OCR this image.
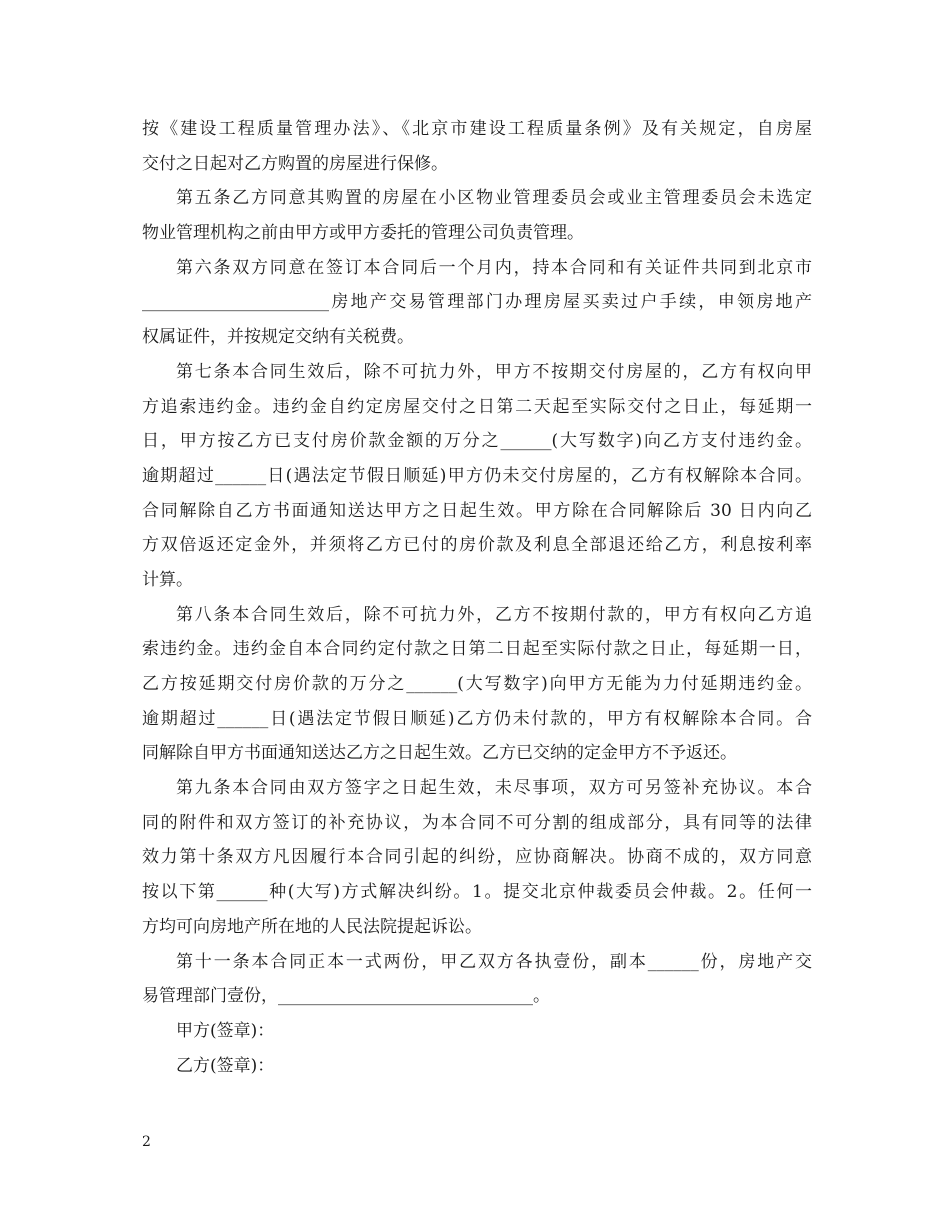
按《建设工程质量管理办法》、《北京市建设工程质量条例》及有关规定，自房屋
交付之日起对乙方购置的房屋进行保修。
第五条乙方同意其购置的房屋在小区物业管理委员会或业主管理委员会未选定
物业管理机构之前由甲方或甲方委托的管理公司负责管理。
第六条双方同意在签订本合同后一个月内，持本合同和有关证件共同到北京市
______________________房地产交易管理部门办理房屋买卖过户手续，申领房地产
权属证件，并按规定交纳有关税费。
第七条本合同生效后，除不可抗力外，甲方不按期交付房屋的，乙方有权向甲
方追索违约金。违约金自约定房屋交付之日第二天起至实际交付之日止，每延期一
日，甲方按乙方已支付房价款金额的万分之______(大写数字)向乙方支付违约金。
逾期超过______日(遇法定节假日顺延)甲方仍未交付房屋的，乙方有权解除本合同。
合同解除自乙方书面通知送达甲方之日起生效。甲方除在合同解除后 30 日内向乙
方双倍返还定金外，并须将乙方已付的房价款及利息全部退还给乙方，利息按利率
计算。
第八条本合同生效后，除不可抗力外，乙方不按期付款的，甲方有权向乙方追
索违约金。违约金自本合同约定付款之日第二日起至实际付款之日止，每延期一日，
乙方按延期交付房价款的万分之______(大写数字)向甲方无能为力付延期违约金。
逾期超过______日(遇法定节假日顺延)乙方仍未付款的，甲方有权解除本合同。合
同解除自甲方书面通知送达乙方之日起生效。乙方已交纳的定金甲方不予返还。
第九条本合同由双方签字之日起生效，未尽事项，双方可另签补充协议。本合
同的附件和双方签订的补充协议，为本合同不可分割的组成部分，具有同等的法律
效力第十条双方凡因履行本合同引起的纠纷，应协商解决。协商不成的，双方同意
按以下第______种(大写)方式解决纠纷。1。提交北京仲裁委员会仲裁。2。任何一
方均可向房地产所在地的人民法院提起诉讼。
第十一条本合同正本一式两份，甲乙双方各执壹份，副本______份，房地产交
易管理部门壹份，______________________________。
甲方(签章)：
乙方(签章)：
2
